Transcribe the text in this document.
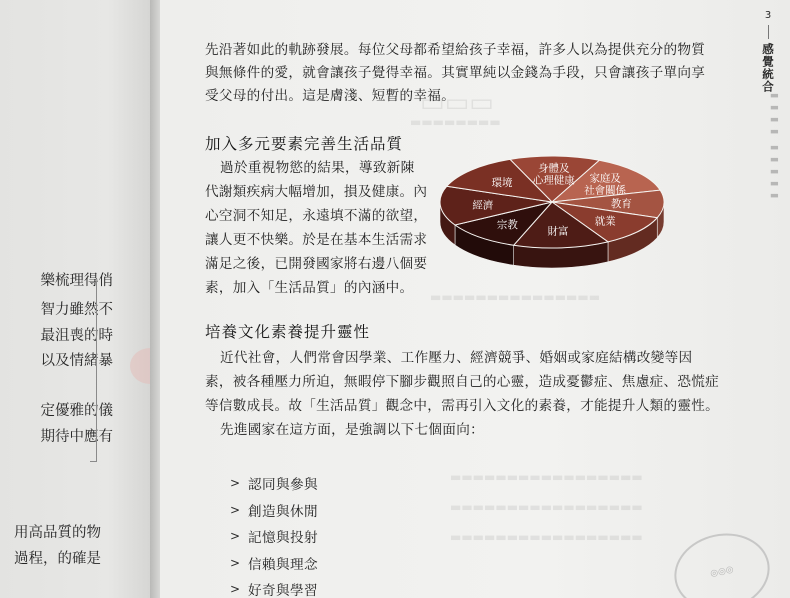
樂梳理得俏
智力雖然不
最沮喪的時
以及情緒暴
定優雅的儀
期待中應有
用高品質的物
過程，的確是
▭▭▭
▬▬▬▬▬▬▬▬
▬▬▬▬▬▬▬▬▬▬▬▬▬▬▬
▬▬▬▬▬▬▬▬▬▬▬▬▬▬▬▬▬
▬▬▬▬▬▬▬▬▬▬▬▬▬▬▬▬▬
▬▬▬▬▬▬▬▬▬▬▬▬▬▬▬▬▬
3
感覺統合
▬▬▬▬ ▬▬▬▬▬
先沿著如此的軌跡發展。每位父母都希望給孩子幸福，許多人以為提供充分的物質
與無條件的愛，就會讓孩子覺得幸福。其實單純以金錢為手段，只會讓孩子單向享
受父母的付出。這是膚淺、短暫的幸福。
加入多元要素完善生活品質
過於重視物慾的結果，導致新陳
代謝類疾病大幅增加，損及健康。內
心空洞不知足，永遠填不滿的欲望，
讓人更不快樂。於是在基本生活需求
滿足之後，已開發國家將右邊八個要
素，加入「生活品質」的內涵中。
身體及心理健康	家庭及社會關係
教育
就業
財富
宗教
經濟
環境
培養文化素養提升靈性
近代社會，人們常會因學業、工作壓力、經濟競爭、婚姻或家庭結構改變等因
素，被各種壓力所迫，無暇停下腳步觀照自己的心靈，造成憂鬱症、焦慮症、恐慌症
等信數成長。故「生活品質」觀念中，需再引入文化的素養，才能提升人類的靈性。
先進國家在這方面，是強調以下七個面向：
> 認同與參與
> 創造與休閒
> 記憶與投射
> 信賴與理念
> 好奇與學習
◎◎◎
